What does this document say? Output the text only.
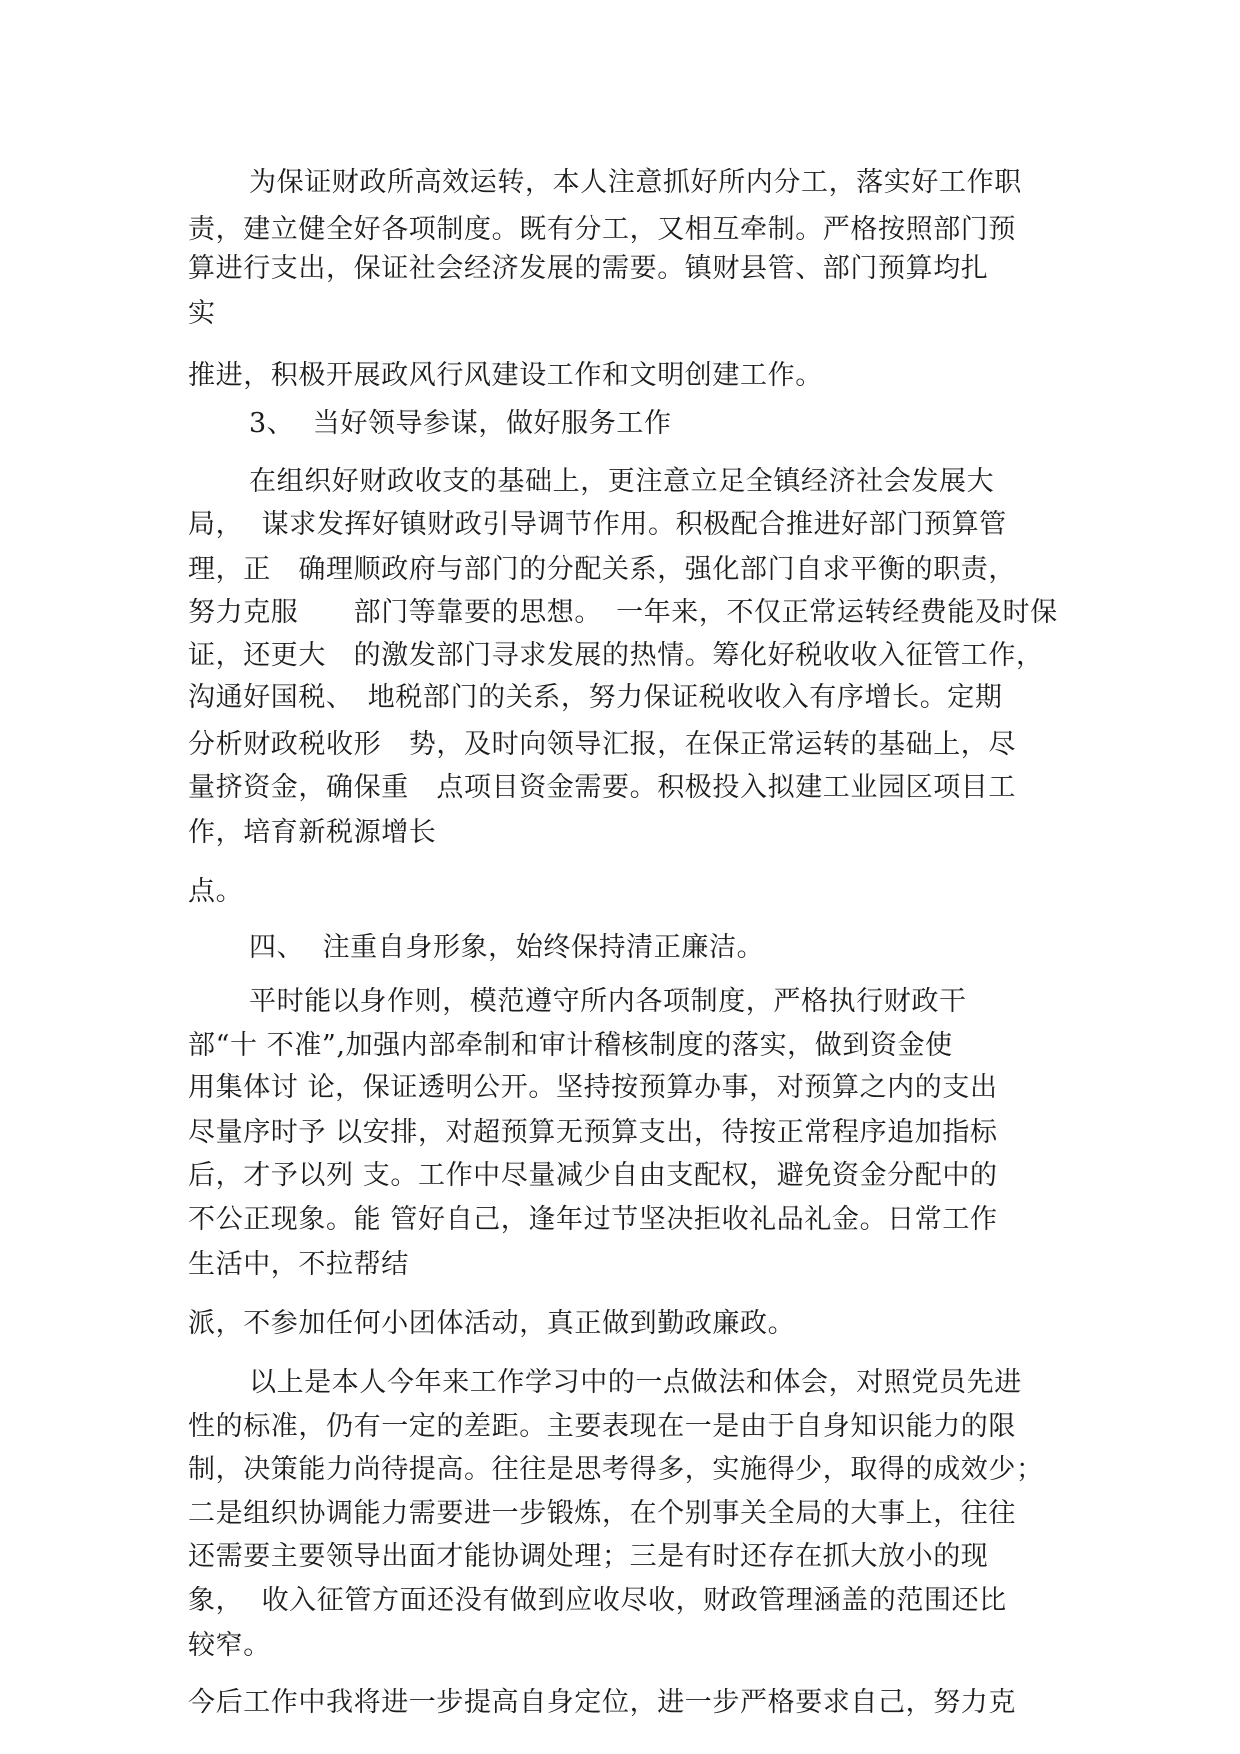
为保证财政所高效运转，本人注意抓好所内分工，落实好工作职
责，建立健全好各项制度。既有分工，又相互牵制。严格按照部门预
算进行支出，保证社会经济发展的需要。镇财县管、部门预算均扎
实
推进，积极开展政风行风建设工作和文明创建工作。
3、  当好领导参谋，做好服务工作
在组织好财政收支的基础上，更注意立足全镇经济社会发展大
局，  谋求发挥好镇财政引导调节作用。积极配合推进好部门预算管
理，正　确理顺政府与部门的分配关系，强化部门自求平衡的职责，
努力克服　　部门等靠要的思想。　一年来，不仅正常运转经费能及时保
证，还更大　的激发部门寻求发展的热情。筹化好税收收入征管工作，
沟通好国税、　地税部门的关系，努力保证税收收入有序增长。定期
分析财政税收形　势，及时向领导汇报，在保正常运转的基础上，尽
量挤资金，确保重　点项目资金需要。积极投入拟建工业园区项目工
作，培育新税源增长
点。
四、  注重自身形象，始终保持清正廉洁。
平时能以身作则，模范遵守所内各项制度，严格执行财政干
部“十 不准”,加强内部牵制和审计稽核制度的落实，做到资金使
用集体讨 论，保证透明公开。坚持按预算办事，对预算之内的支出
尽量序时予 以安排，对超预算无预算支出，待按正常程序追加指标
后，才予以列 支。工作中尽量减少自由支配权，避免资金分配中的
不公正现象。能 管好自己，逢年过节坚决拒收礼品礼金。日常工作
生活中，不拉帮结
派，不参加任何小团体活动，真正做到勤政廉政。
以上是本人今年来工作学习中的一点做法和体会，对照党员先进
性的标准，仍有一定的差距。主要表现在一是由于自身知识能力的限
制，决策能力尚待提高。往往是思考得多，实施得少，取得的成效少；
二是组织协调能力需要进一步锻炼，在个别事关全局的大事上，往往
还需要主要领导出面才能协调处理；三是有时还存在抓大放小的现
象，  收入征管方面还没有做到应收尽收，财政管理涵盖的范围还比
较窄。
今后工作中我将进一步提高自身定位，进一步严格要求自己，努力克
